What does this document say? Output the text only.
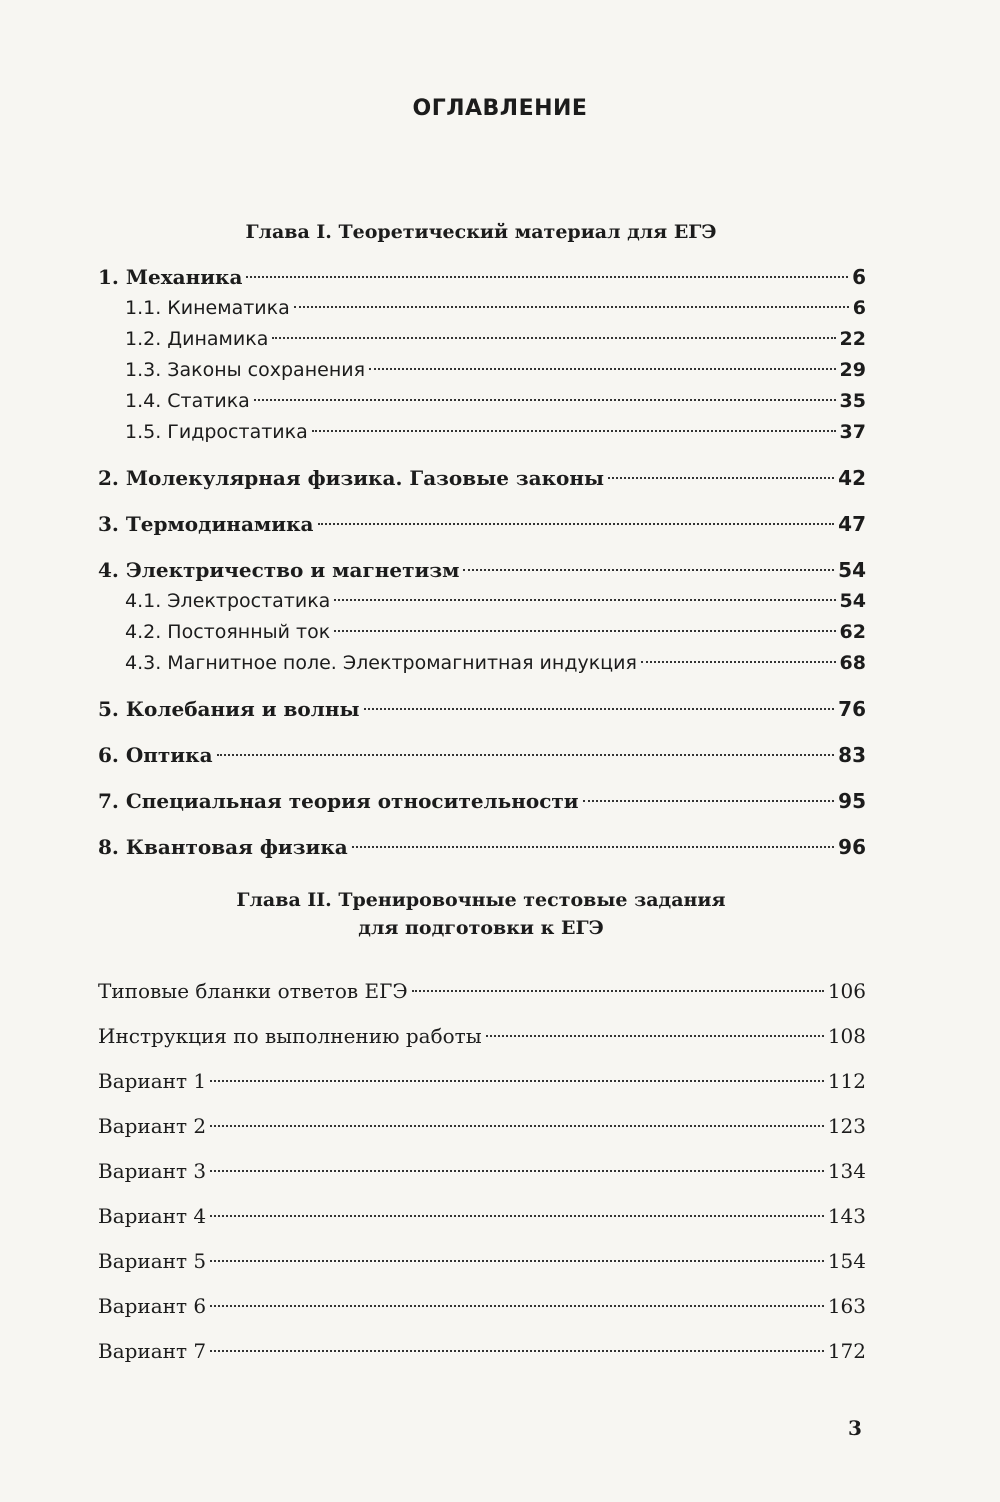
ОГЛАВЛЕНИЕ
Глава I. Теоретический материал для ЕГЭ
1. Механика	6
1.1. Кинематика	6
1.2. Динамика	22
1.3. Законы сохранения	29
1.4. Статика	35
1.5. Гидростатика	37
2. Молекулярная физика. Газовые законы	42
3. Термодинамика	47
4. Электричество и магнетизм	54
4.1. Электростатика	54
4.2. Постоянный ток	62
4.3. Магнитное поле. Электромагнитная индукция	68
5. Колебания и волны	76
6. Оптика	83
7. Специальная теория относительности	95
8. Квантовая физика	96
Глава II. Тренировочные тестовые задания
для подготовки к ЕГЭ
Типовые бланки ответов ЕГЭ	106
Инструкция по выполнению работы	108
Вариант 1	112
Вариант 2	123
Вариант 3	134
Вариант 4	143
Вариант 5	154
Вариант 6	163
Вариант 7	172
3
